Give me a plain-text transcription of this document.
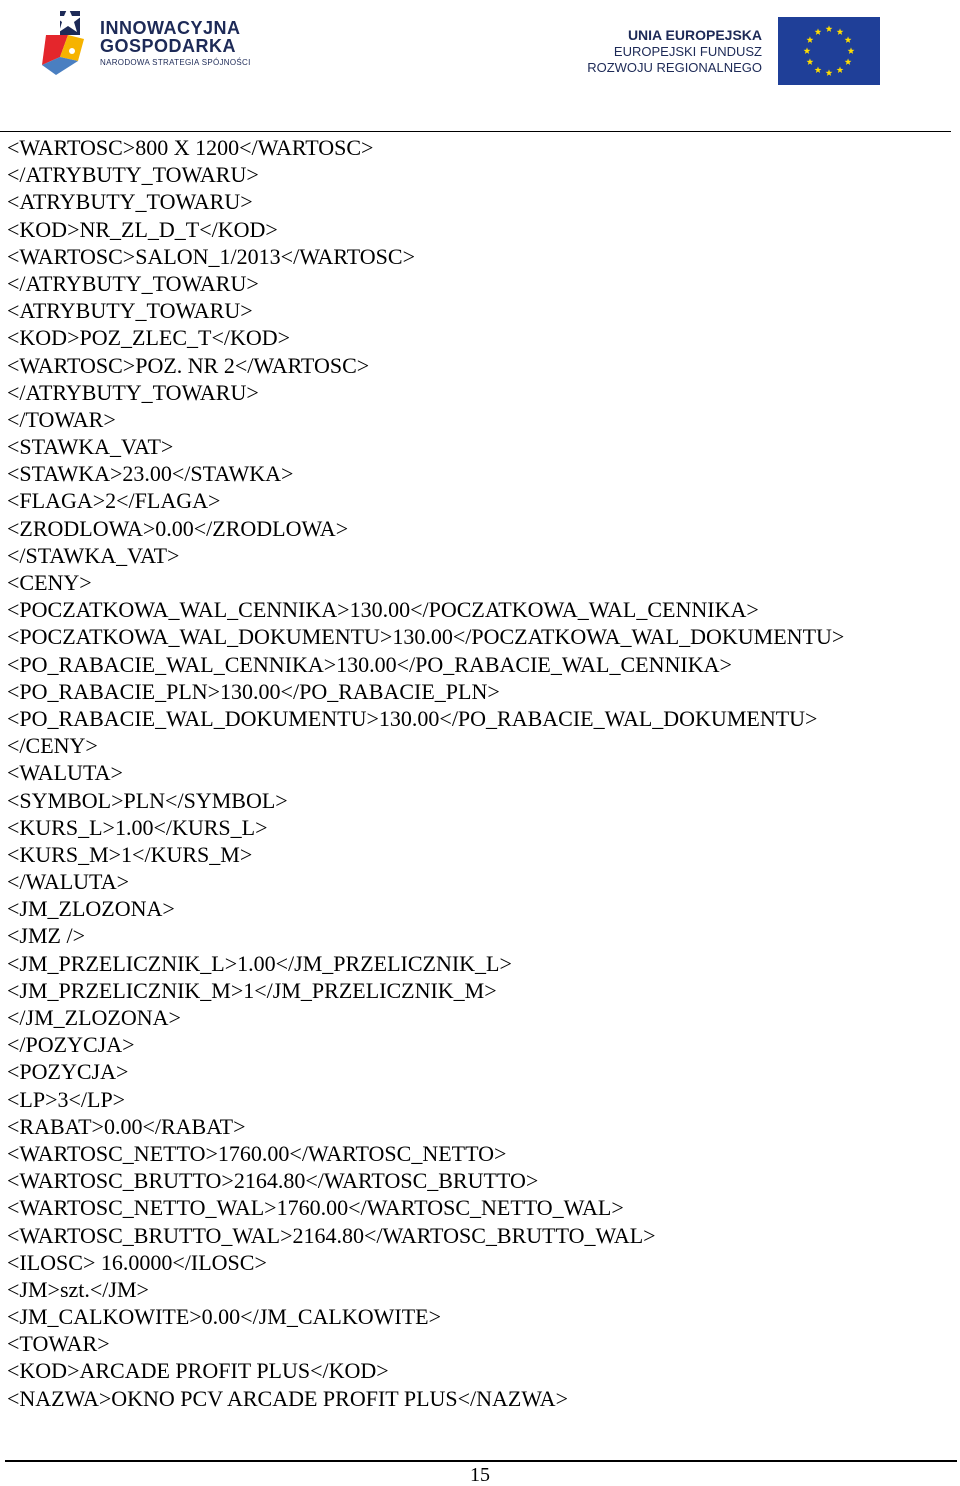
INNOWACYJNA
GOSPODARKA
NARODOWA STRATEGIA SPÓJNOŚCI
UNIA EUROPEJSKA
EUROPEJSKI FUNDUSZ
ROZWOJU REGIONALNEGO
<WARTOSC>800 X 1200</WARTOSC>
</ATRYBUTY_TOWARU>
<ATRYBUTY_TOWARU>
<KOD>NR_ZL_D_T</KOD>
<WARTOSC>SALON_1/2013</WARTOSC>
</ATRYBUTY_TOWARU>
<ATRYBUTY_TOWARU>
<KOD>POZ_ZLEC_T</KOD>
<WARTOSC>POZ. NR 2</WARTOSC>
</ATRYBUTY_TOWARU>
</TOWAR>
<STAWKA_VAT>
<STAWKA>23.00</STAWKA>
<FLAGA>2</FLAGA>
<ZRODLOWA>0.00</ZRODLOWA>
</STAWKA_VAT>
<CENY>
<POCZATKOWA_WAL_CENNIKA>130.00</POCZATKOWA_WAL_CENNIKA>
<POCZATKOWA_WAL_DOKUMENTU>130.00</POCZATKOWA_WAL_DOKUMENTU>
<PO_RABACIE_WAL_CENNIKA>130.00</PO_RABACIE_WAL_CENNIKA>
<PO_RABACIE_PLN>130.00</PO_RABACIE_PLN>
<PO_RABACIE_WAL_DOKUMENTU>130.00</PO_RABACIE_WAL_DOKUMENTU>
</CENY>
<WALUTA>
<SYMBOL>PLN</SYMBOL>
<KURS_L>1.00</KURS_L>
<KURS_M>1</KURS_M>
</WALUTA>
<JM_ZLOZONA>
<JMZ />
<JM_PRZELICZNIK_L>1.00</JM_PRZELICZNIK_L>
<JM_PRZELICZNIK_M>1</JM_PRZELICZNIK_M>
</JM_ZLOZONA>
</POZYCJA>
<POZYCJA>
<LP>3</LP>
<RABAT>0.00</RABAT>
<WARTOSC_NETTO>1760.00</WARTOSC_NETTO>
<WARTOSC_BRUTTO>2164.80</WARTOSC_BRUTTO>
<WARTOSC_NETTO_WAL>1760.00</WARTOSC_NETTO_WAL>
<WARTOSC_BRUTTO_WAL>2164.80</WARTOSC_BRUTTO_WAL>
<ILOSC> 16.0000</ILOSC>
<JM>szt.</JM>
<JM_CALKOWITE>0.00</JM_CALKOWITE>
<TOWAR>
<KOD>ARCADE PROFIT PLUS</KOD>
<NAZWA>OKNO PCV ARCADE PROFIT PLUS</NAZWA>
15
